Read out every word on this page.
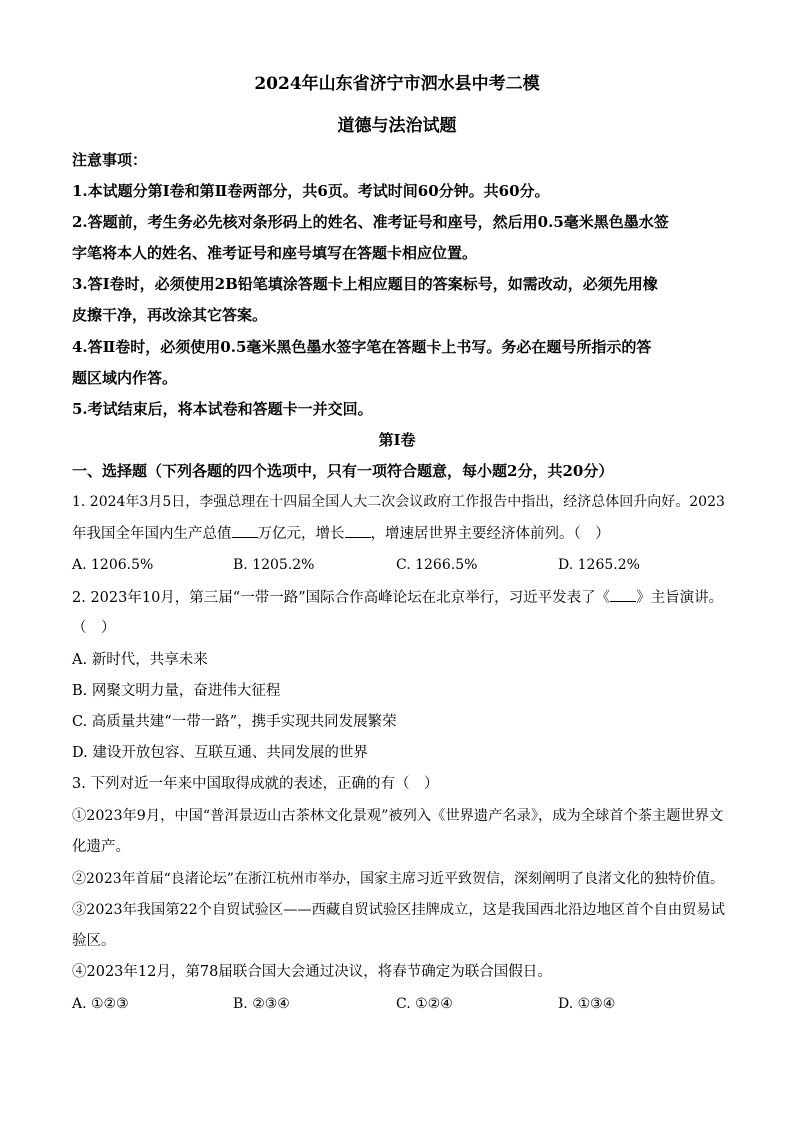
2024年山东省济宁市泗水县中考二模
道德与法治试题
注意事项：
1.本试题分第Ⅰ卷和第Ⅱ卷两部分，共6页。考试时间60分钟。共60分。
2.答题前，考生务必先核对条形码上的姓名、准考证号和座号，然后用0.5毫米黑色墨水签
字笔将本人的姓名、准考证号和座号填写在答题卡相应位置。
3.答Ⅰ卷时，必须使用2B铅笔填涂答题卡上相应题目的答案标号，如需改动，必须先用橡
皮擦干净，再改涂其它答案。
4.答Ⅱ卷时，必须使用0.5毫米黑色墨水签字笔在答题卡上书写。务必在题号所指示的答
题区域内作答。
5.考试结束后，将本试卷和答题卡一并交回。
第Ⅰ卷
一、选择题（下列各题的四个选项中，只有一项符合题意，每小题2分，共20分）
1. 2024年3月5日，李强总理在十四届全国人大二次会议政府工作报告中指出，经济总体回升向好。2023
年我国全年国内生产总值 万亿元，增长 ，增速居世界主要经济体前列。（　）
A. 1206.5%	B. 1205.2%	C. 1266.5%	D. 1265.2%
2. 2023年10月，第三届“一带一路”国际合作高峰论坛在北京举行，习近平发表了《 》主旨演讲。
（　）
A. 新时代，共享未来
B. 网聚文明力量，奋进伟大征程
C. 高质量共建“一带一路”，携手实现共同发展繁荣
D. 建设开放包容、互联互通、共同发展的世界
3. 下列对近一年来中国取得成就的表述，正确的有（　）
①2023年9月，中国“普洱景迈山古茶林文化景观”被列入《世界遗产名录》，成为全球首个茶主题世界文
化遗产。
②2023年首届“良渚论坛”在浙江杭州市举办，国家主席习近平致贺信，深刻阐明了良渚文化的独特价值。
③2023年我国第22个自贸试验区——西藏自贸试验区挂牌成立，这是我国西北沿边地区首个自由贸易试
验区。
④2023年12月，第78届联合国大会通过决议，将春节确定为联合国假日。
A. ①②③	B. ②③④	C. ①②④	D. ①③④
